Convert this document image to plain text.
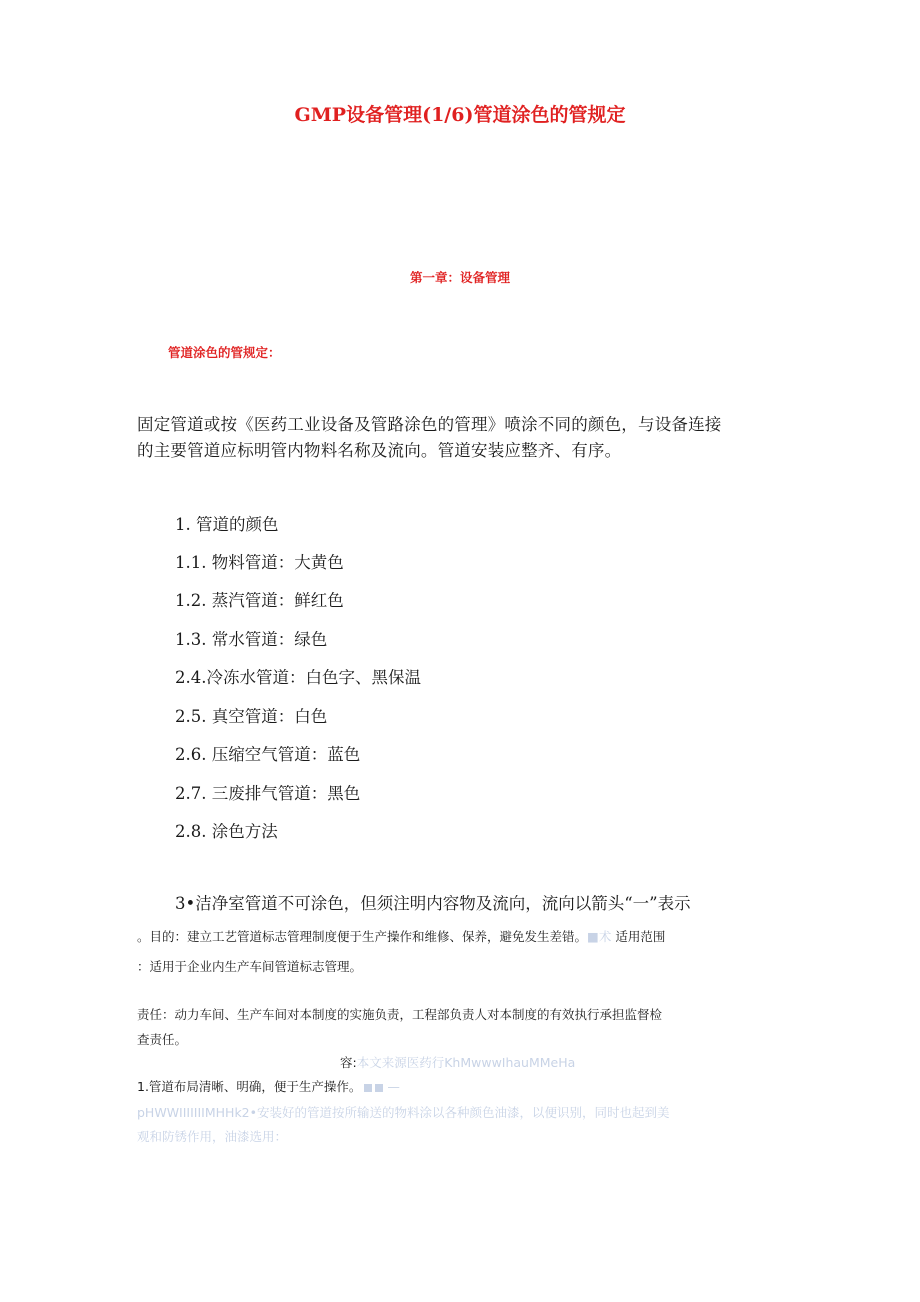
GMP设备管理(1/6)管道涂色的管规定
第一章：设备管理
管道涂色的管规定：
固定管道或按《医药工业设备及管路涂色的管理》喷涂不同的颜色，与设备连接
的主要管道应标明管内物料名称及流向。管道安装应整齐、有序。
1. 管道的颜色
1.1. 物料管道：大黄色
1.2. 蒸汽管道：鲜红色
1.3. 常水管道：绿色
2.4.冷冻水管道：白色字、黑保温
2.5. 真空管道：白色
2.6. 压缩空气管道：蓝色
2.7. 三废排气管道：黑色
2.8. 涂色方法
3•洁净室管道不可涂色，但须注明内容物及流向，流向以箭头“一”表示
。目的：建立工艺管道标志管理制度便于生产操作和维修、保养，避免发生差错。■术 适用范围
：适用于企业内生产车间管道标志管理。
责任：动力车间、生产车间对本制度的实施负责，工程部负责人对本制度的有效执行承担监督检
查责任。
容:本文来源医药行KhMwwwIhauMMeHa
1.管道布局清晰、明确，便于生产操作。 —
pHWWIIIIIIIMHHk2•安装好的管道按所输送的物料涂以各种颜色油漆，以便识别，同时也起到美
观和防锈作用，油漆选用：
